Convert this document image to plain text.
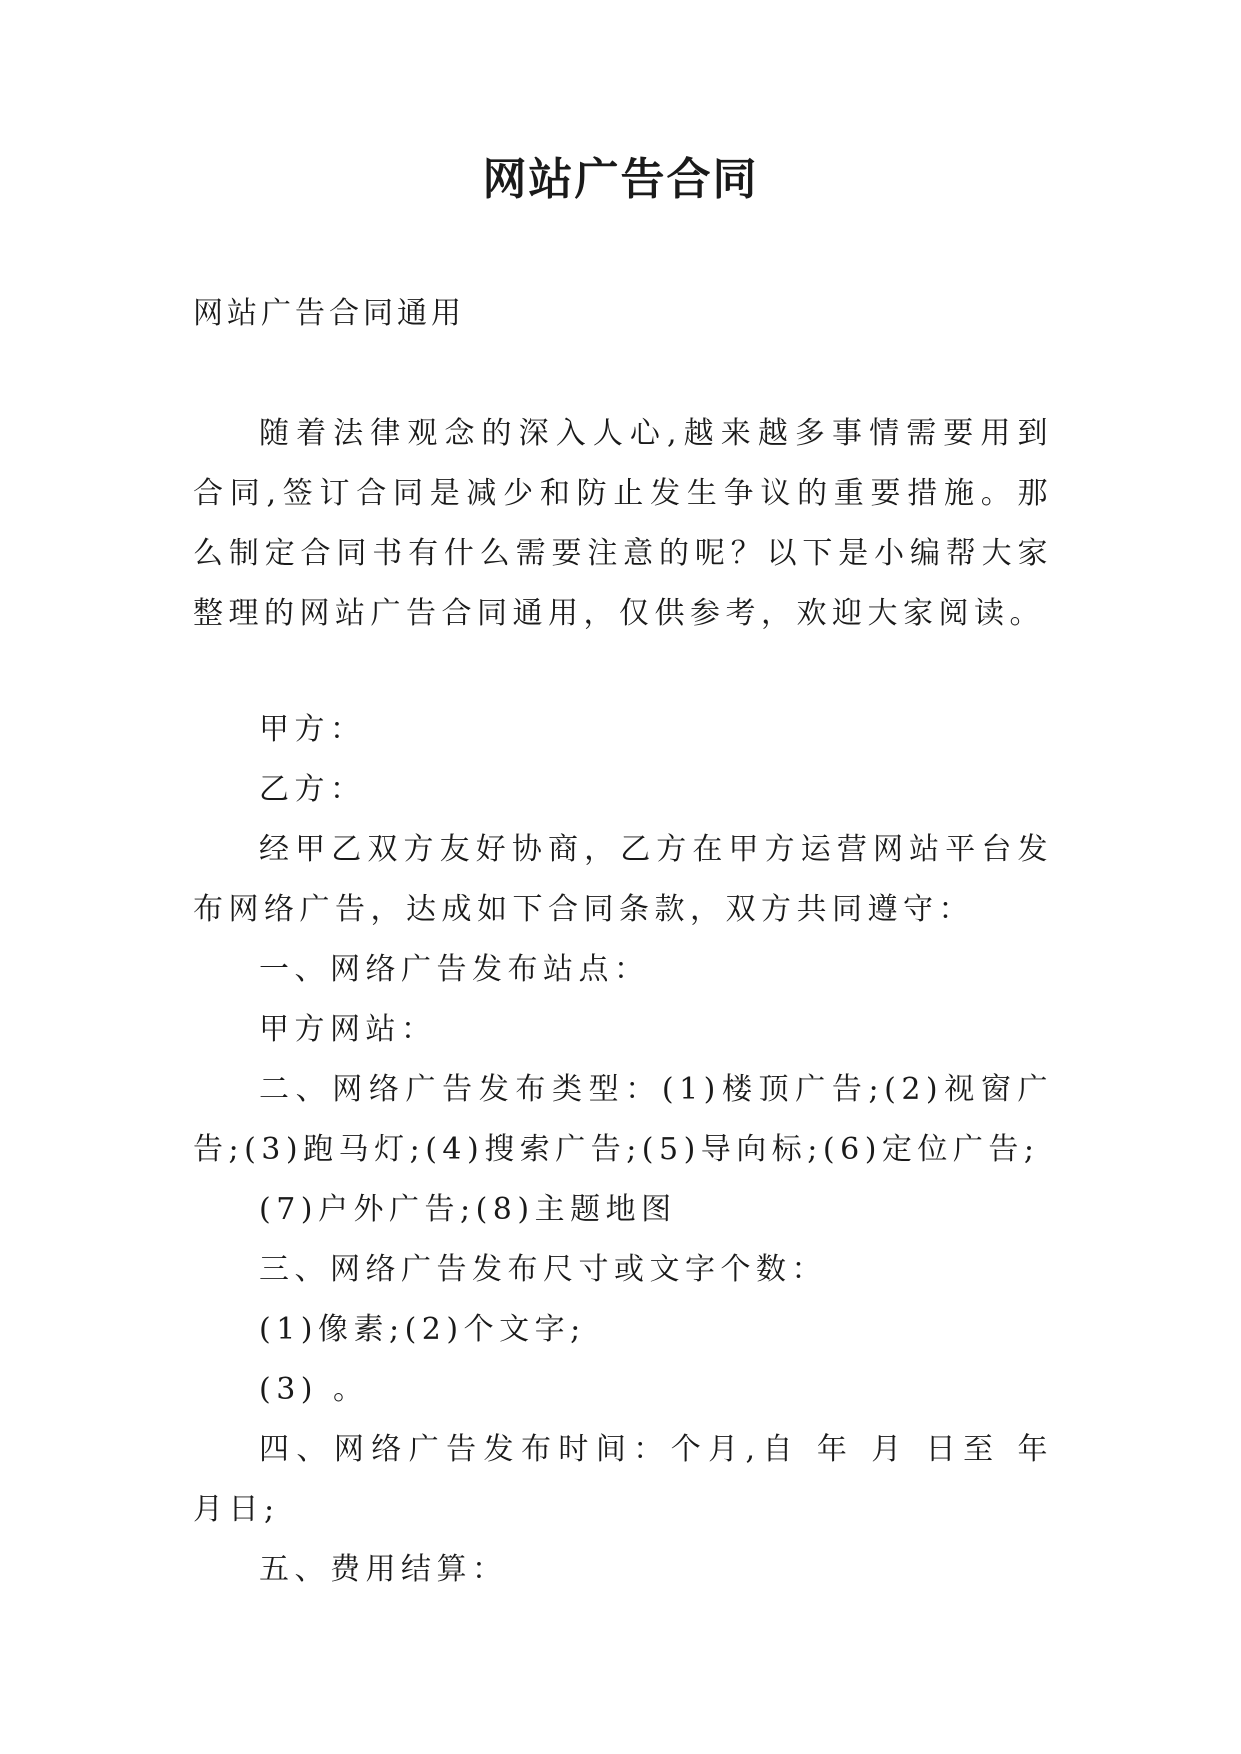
网站广告合同
网站广告合同通用

随着法律观念的深入人心,越来越多事情需要用到合同,签订合同是减少和防止发生争议的重要措施。那么制定合同书有什么需要注意的呢？以下是小编帮大家整理的网站广告合同通用，仅供参考，欢迎大家阅读。

甲方：

乙方：

经甲乙双方友好协商，乙方在甲方运营网站平台发布网络广告，达成如下合同条款，双方共同遵守：

一、网络广告发布站点：

甲方网站：

二、网络广告发布类型：(1)楼顶广告;(2)视窗广告;(3)跑马灯;(4)搜索广告;(5)导向标;(6)定位广告;

(7)户外广告;(8)主题地图

三、网络广告发布尺寸或文字个数：

(1)像素;(2)个文字;

(3) 。

四、网络广告发布时间：个月,自 年 月 日至 年 月日;

五、费用结算：
